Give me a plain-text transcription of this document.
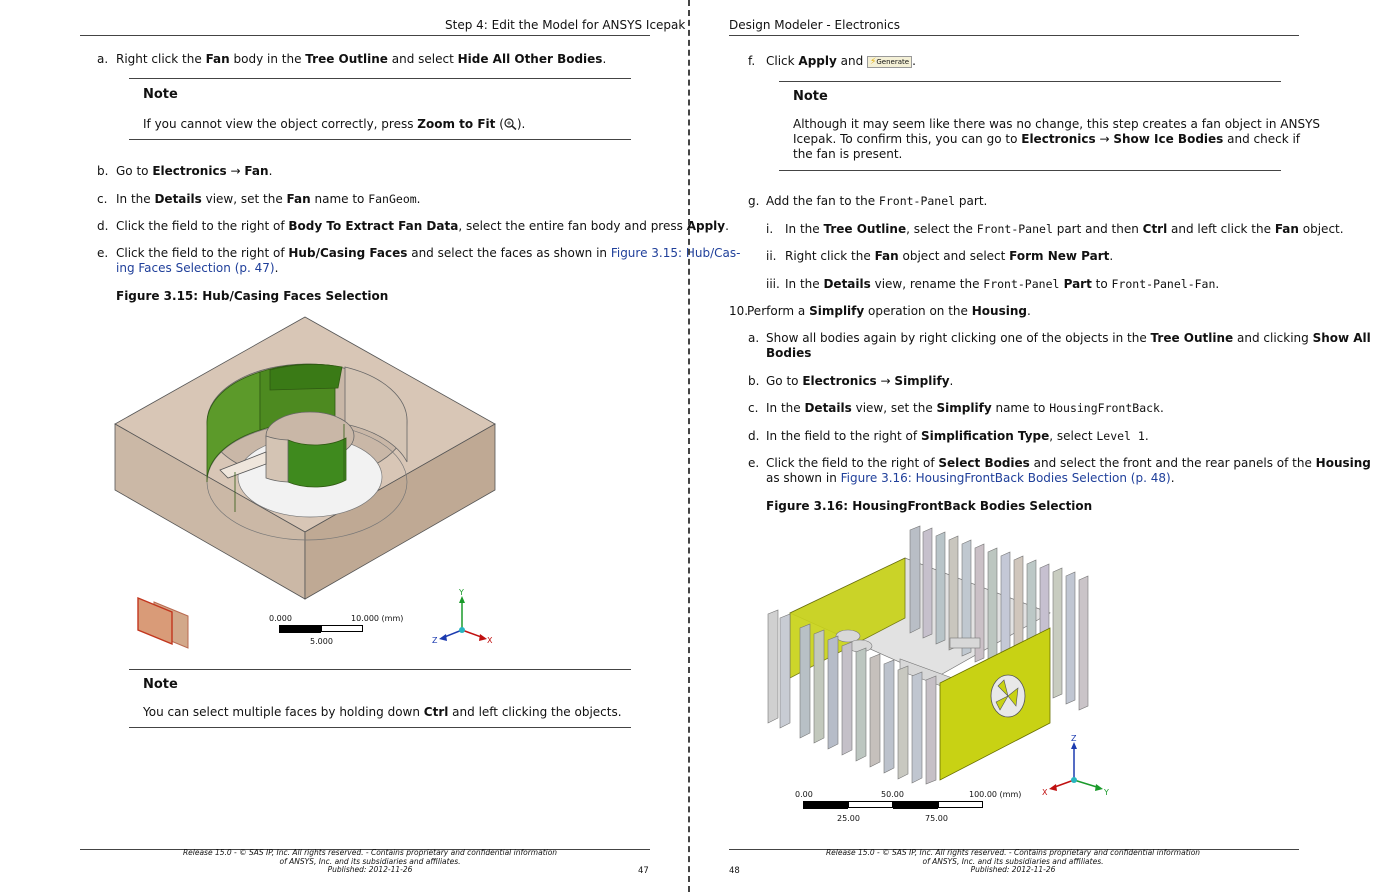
Step 4: Edit the Model for ANSYS Icepak
a. Right click the Fan body in the Tree Outline and select Hide All Other Bodies.
Note
If you cannot view the object correctly, press Zoom to Fit ( ).
b. Go to Electronics → Fan.
c. In the Details view, set the Fan name to FanGeom.
d. Click the field to the right of Body To Extract Fan Data, select the entire fan body and press Apply.
e. Click the field to the right of Hub/Casing Faces and select the faces as shown in Figure 3.15: Hub/Cas-
ing Faces Selection (p. 47).
Figure 3.15: Hub/Casing Faces Selection
0.000	10.000 (mm)
5.000
Y
Z	X
Note
You can select multiple faces by holding down Ctrl and left clicking the objects.
Release 15.0 - © SAS IP, Inc. All rights reserved. - Contains proprietary and confidential information
of ANSYS, Inc. and its subsidiaries and affiliates.
Published: 2012-11-26	47
Design Modeler - Electronics
f. Click Apply and ⚡Generate .
Note
Although it may seem like there was no change, this step creates a fan object in ANSYS
Icepak. To confirm this, you can go to Electronics → Show Ice Bodies and check if
the fan is present.
g. Add the fan to the Front-Panel part.
i. In the Tree Outline, select the Front-Panel part and then Ctrl and left click the Fan object.
ii. Right click the Fan object and select Form New Part.
iii. In the Details view, rename the Front-Panel Part to Front-Panel-Fan.
10.
Perform a Simplify operation on the Housing.
a. Show all bodies again by right clicking one of the objects in the Tree Outline and clicking Show All
Bodies
b. Go to Electronics → Simplify.
c. In the Details view, set the Simplify name to HousingFrontBack.
d. In the field to the right of Simplification Type, select Level 1.
e. Click the field to the right of Select Bodies and select the front and the rear panels of the Housing
as shown in Figure 3.16: HousingFrontBack Bodies Selection (p. 48).
Figure 3.16: HousingFrontBack Bodies Selection
0.00	50.00	100.00 (mm)
25.00	75.00
Z
X	Y
Release 15.0 - © SAS IP, Inc. All rights reserved. - Contains proprietary and confidential information
of ANSYS, Inc. and its subsidiaries and affiliates.
Published: 2012-11-26
48
